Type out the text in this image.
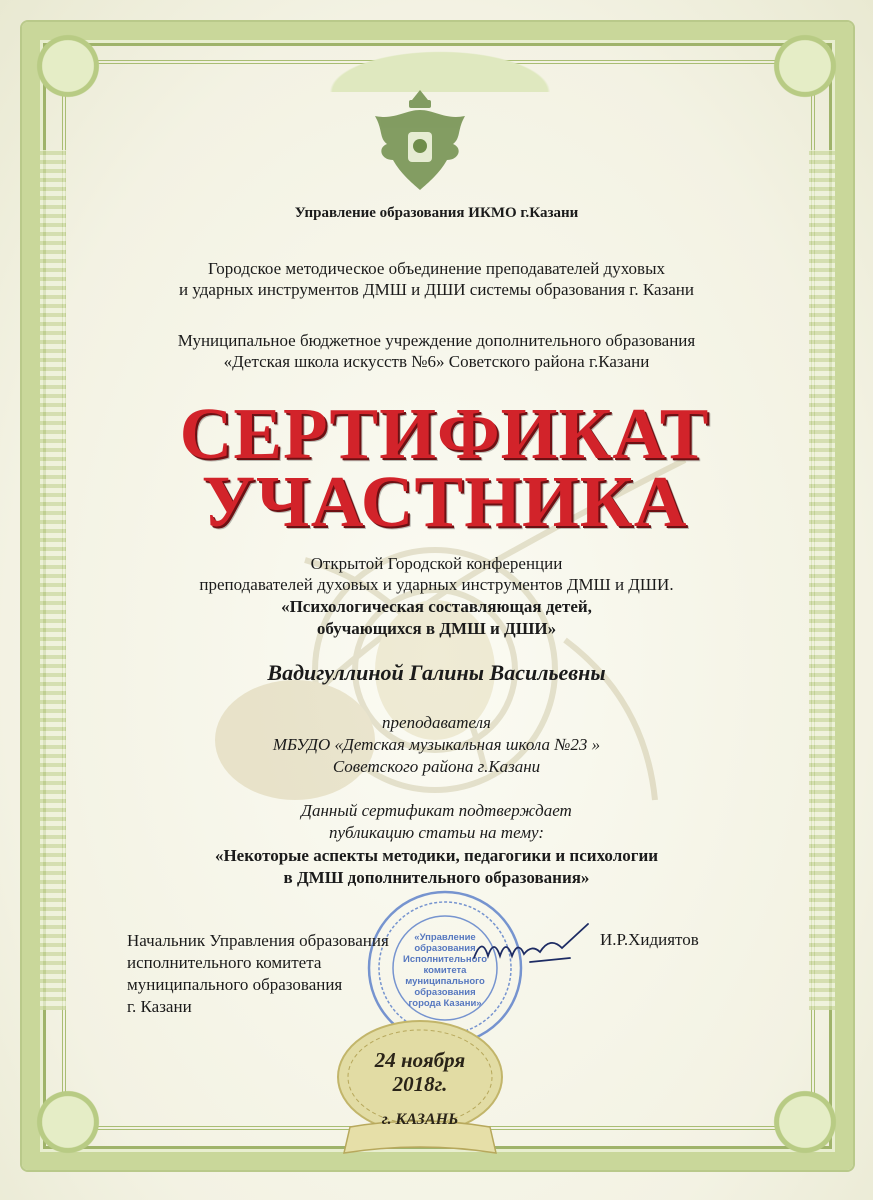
Управление образования ИКМО г.Казани
Городское методическое объединение преподавателей духовых
и ударных инструментов ДМШ и ДШИ системы образования г. Казани
Муниципальное бюджетное учреждение дополнительного образования
«Детская школа искусств №6» Советского района г.Казани
СЕРТИФИКАТ
УЧАСТНИКА
Открытой Городской конференции
преподавателей духовых и ударных инструментов ДМШ и ДШИ.
«Психологическая составляющая детей,
обучающихся в ДМШ и ДШИ»
Вадигуллиной Галины Васильевны
преподавателя
МБУДО «Детская музыкальная школа №23 »
Советского района г.Казани
Данный сертификат подтверждает
публикацию статьи на тему:
«Некоторые аспекты методики, педагогики и психологии
в ДМШ дополнительного образования»
«Управление
образования
Исполнительного
комитета
муниципального
образования
города Казани»
Начальник Управления образования
исполнительного комитета
муниципального образования
г. Казани
И.Р.Хидиятов
24 ноября
2018г.
г. КАЗАНЬ
